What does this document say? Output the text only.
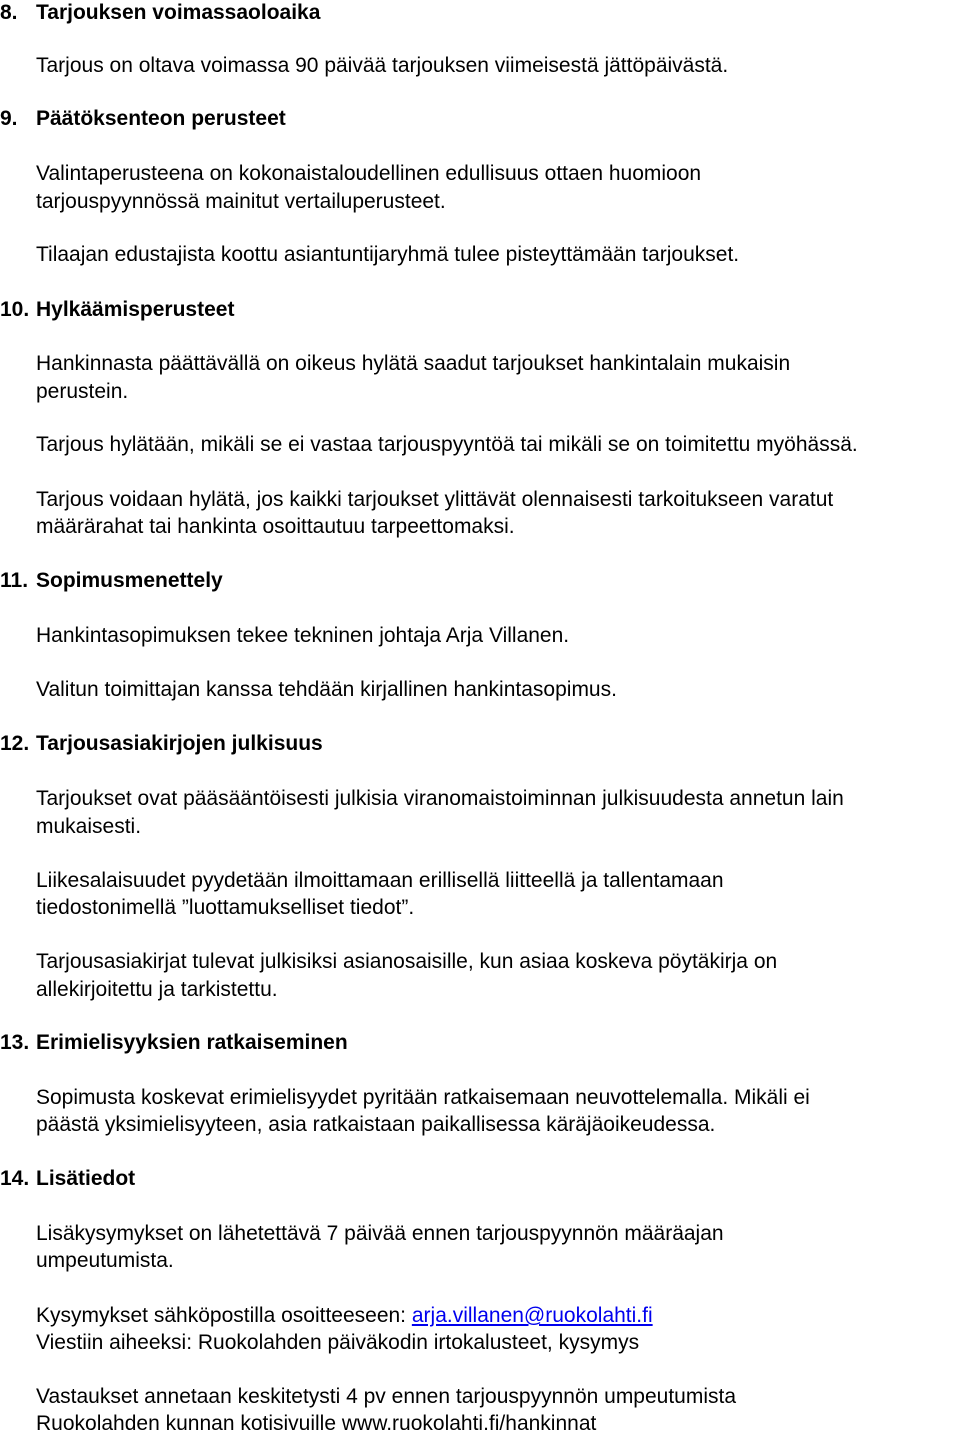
8. Tarjouksen voimassaoloaika
Tarjous on oltava voimassa 90 päivää tarjouksen viimeisestä jättöpäivästä.
9. Päätöksenteon perusteet
Valintaperusteena on kokonaistaloudellinen edullisuus ottaen huomioon
tarjouspyynnössä mainitut vertailuperusteet.
Tilaajan edustajista koottu asiantuntijaryhmä tulee pisteyttämään tarjoukset.
10. Hylkäämisperusteet
Hankinnasta päättävällä on oikeus hylätä saadut tarjoukset hankintalain mukaisin
perustein.
Tarjous hylätään, mikäli se ei vastaa tarjouspyyntöä tai mikäli se on toimitettu myöhässä.
Tarjous voidaan hylätä, jos kaikki tarjoukset ylittävät olennaisesti tarkoitukseen varatut
määrärahat tai hankinta osoittautuu tarpeettomaksi.
11. Sopimusmenettely
Hankintasopimuksen tekee tekninen johtaja Arja Villanen.
Valitun toimittajan kanssa tehdään kirjallinen hankintasopimus.
12. Tarjousasiakirjojen julkisuus
Tarjoukset ovat pääsääntöisesti julkisia viranomaistoiminnan julkisuudesta annetun lain
mukaisesti.
Liikesalaisuudet pyydetään ilmoittamaan erillisellä liitteellä ja tallentamaan
tiedostonimellä ”luottamukselliset tiedot”.
Tarjousasiakirjat tulevat julkisiksi asianosaisille, kun asiaa koskeva pöytäkirja on
allekirjoitettu ja tarkistettu.
13. Erimielisyyksien ratkaiseminen
Sopimusta koskevat erimielisyydet pyritään ratkaisemaan neuvottelemalla. Mikäli ei
päästä yksimielisyyteen, asia ratkaistaan paikallisessa käräjäoikeudessa.
14. Lisätiedot
Lisäkysymykset on lähetettävä 7 päivää ennen tarjouspyynnön määräajan
umpeutumista.
Kysymykset sähköpostilla osoitteeseen: arja.villanen@ruokolahti.fi
Viestiin aiheeksi: Ruokolahden päiväkodin irtokalusteet, kysymys
Vastaukset annetaan keskitetysti 4 pv ennen tarjouspyynnön umpeutumista
Ruokolahden kunnan kotisivuille www.ruokolahti.fi/hankinnat
